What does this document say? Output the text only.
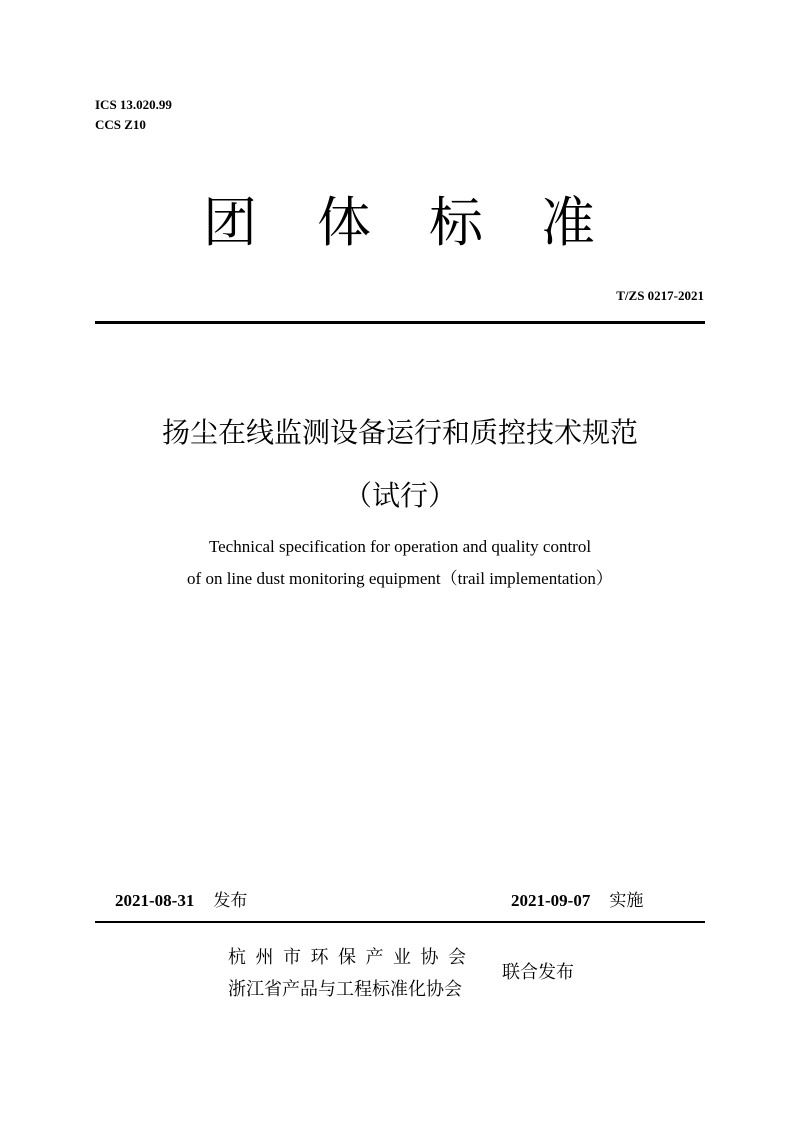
ICS 13.020.99
CCS Z10
团 体 标 准
T/ZS 0217-2021
扬尘在线监测设备运行和质控技术规范
（试行）
Technical specification for operation and quality control
of on line dust monitoring equipment（trail implementation）
2021-08-31 发布	2021-09-07 实施
杭州市环保产业协会
浙江省产品与工程标准化协会
联合发布
